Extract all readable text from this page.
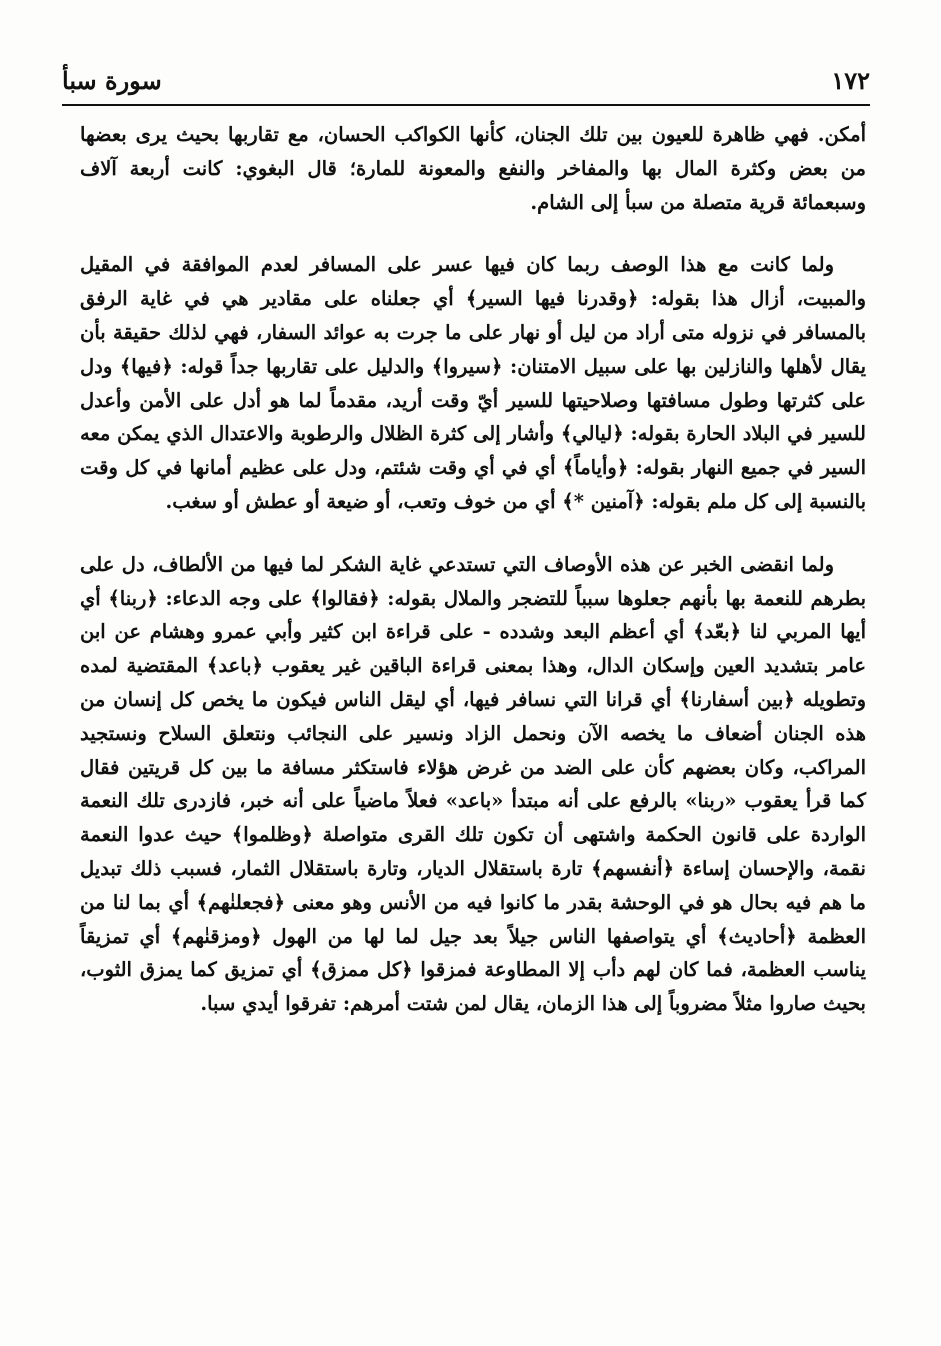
١٧٢
سورة سبأ

أمكن. فهي ظاهرة للعيون بين تلك الجنان، كأنها الكواكب الحسان، مع تقاربها بحيث يرى بعضها من بعض وكثرة المال بها والمفاخر والنفع والمعونة للمارة؛ قال البغوي: كانت أربعة آلاف وسبعمائة قرية متصلة من سبأ إلى الشام.

ولما كانت مع هذا الوصف ربما كان فيها عسر على المسافر لعدم الموافقة في المقيل والمبيت، أزال هذا بقوله: ﴿وقدرنا فيها السير﴾ أي جعلناه على مقادير هي في غاية الرفق بالمسافر في نزوله متى أراد من ليل أو نهار على ما جرت به عوائد السفار، فهي لذلك حقيقة بأن يقال لأهلها والنازلين بها على سبيل الامتنان: ﴿سيروا﴾ والدليل على تقاربها جداً قوله: ﴿فيها﴾ ودل على كثرتها وطول مسافتها وصلاحيتها للسير أيّ وقت أريد، مقدماً لما هو أدل على الأمن وأعدل للسير في البلاد الحارة بقوله: ﴿ليالي﴾ وأشار إلى كثرة الظلال والرطوبة والاعتدال الذي يمكن معه السير في جميع النهار بقوله: ﴿وأياماً﴾ أي في أي وقت شئتم، ودل على عظيم أمانها في كل وقت بالنسبة إلى كل ملم بقوله: ﴿آمنين *﴾ أي من خوف وتعب، أو ضيعة أو عطش أو سغب.

ولما انقضى الخبر عن هذه الأوصاف التي تستدعي غاية الشكر لما فيها من الألطاف، دل على بطرهم للنعمة بها بأنهم جعلوها سبباً للتضجر والملال بقوله: ﴿فقالوا﴾ على وجه الدعاء: ﴿ربنا﴾ أي أيها المربي لنا ﴿بعّد﴾ أي أعظم البعد وشدده - على قراءة ابن كثير وأبي عمرو وهشام عن ابن عامر بتشديد العين وإسكان الدال، وهذا بمعنى قراءة الباقين غير يعقوب ﴿باعد﴾ المقتضية لمده وتطويله ﴿بين أسفارنا﴾ أي قرانا التي نسافر فيها، أي ليقل الناس فيكون ما يخص كل إنسان من هذه الجنان أضعاف ما يخصه الآن ونحمل الزاد ونسير على النجائب ونتعلق السلاح ونستجيد المراكب، وكان بعضهم كأن على الضد من غرض هؤلاء فاستكثر مسافة ما بين كل قريتين فقال كما قرأ يعقوب «ربنا» بالرفع على أنه مبتدأ «باعد» فعلاً ماضياً على أنه خبر، فازدرى تلك النعمة الواردة على قانون الحكمة واشتهى أن تكون تلك القرى متواصلة ﴿وظلموا﴾ حيث عدوا النعمة نقمة، والإحسان إساءة ﴿أنفسهم﴾ تارة باستقلال الديار، وتارة باستقلال الثمار، فسبب ذلك تبديل ما هم فيه بحال هو في الوحشة بقدر ما كانوا فيه من الأنس وهو معنى ﴿فجعلنٰهم﴾ أي بما لنا من العظمة ﴿أحاديث﴾ أي يتواصفها الناس جيلاً بعد جيل لما لها من الهول ﴿ومزقنٰهم﴾ أي تمزيقاً يناسب العظمة، فما كان لهم دأب إلا المطاوعة فمزقوا ﴿كل ممزق﴾ أي تمزيق كما يمزق الثوب، بحيث صاروا مثلاً مضروباً إلى هذا الزمان، يقال لمن شتت أمرهم: تفرقوا أيدي سبا.
